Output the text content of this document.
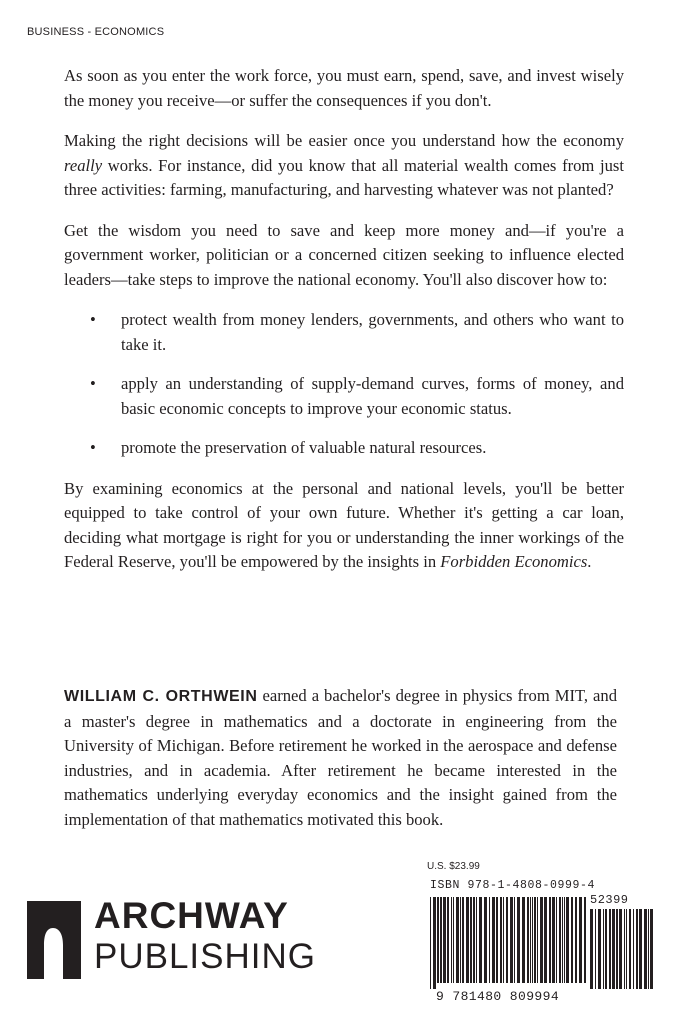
BUSINESS - ECONOMICS

As soon as you enter the work force, you must earn, spend, save, and invest wisely the money you receive—or suffer the consequences if you don't.

Making the right decisions will be easier once you understand how the economy really works. For instance, did you know that all material wealth comes from just three activities: farming, manufacturing, and harvesting whatever was not planted?

Get the wisdom you need to save and keep more money and—if you're a government worker, politician or a concerned citizen seeking to influence elected leaders—take steps to improve the national economy. You'll also discover how to:

• protect wealth from money lenders, governments, and others who want to take it.
• apply an understanding of supply-demand curves, forms of money, and basic economic concepts to improve your economic status.
• promote the preservation of valuable natural resources.

By examining economics at the personal and national levels, you'll be better equipped to take control of your own future. Whether it's getting a car loan, deciding what mortgage is right for you or understanding the inner workings of the Federal Reserve, you'll be empowered by the insights in Forbidden Economics.

WILLIAM C. ORTHWEIN earned a bachelor's degree in physics from MIT, and a master's degree in mathematics and a doctorate in engineering from the University of Michigan. Before retirement he worked in the aerospace and defense industries, and in academia. After retirement he became interested in the mathematics underlying everyday economics and the insight gained from the implementation of that mathematics motivated this book.
ARCHWAY
PUBLISHING
U.S. $23.99
ISBN 978-1-4808-0999-4
52399
9 781480 809994
